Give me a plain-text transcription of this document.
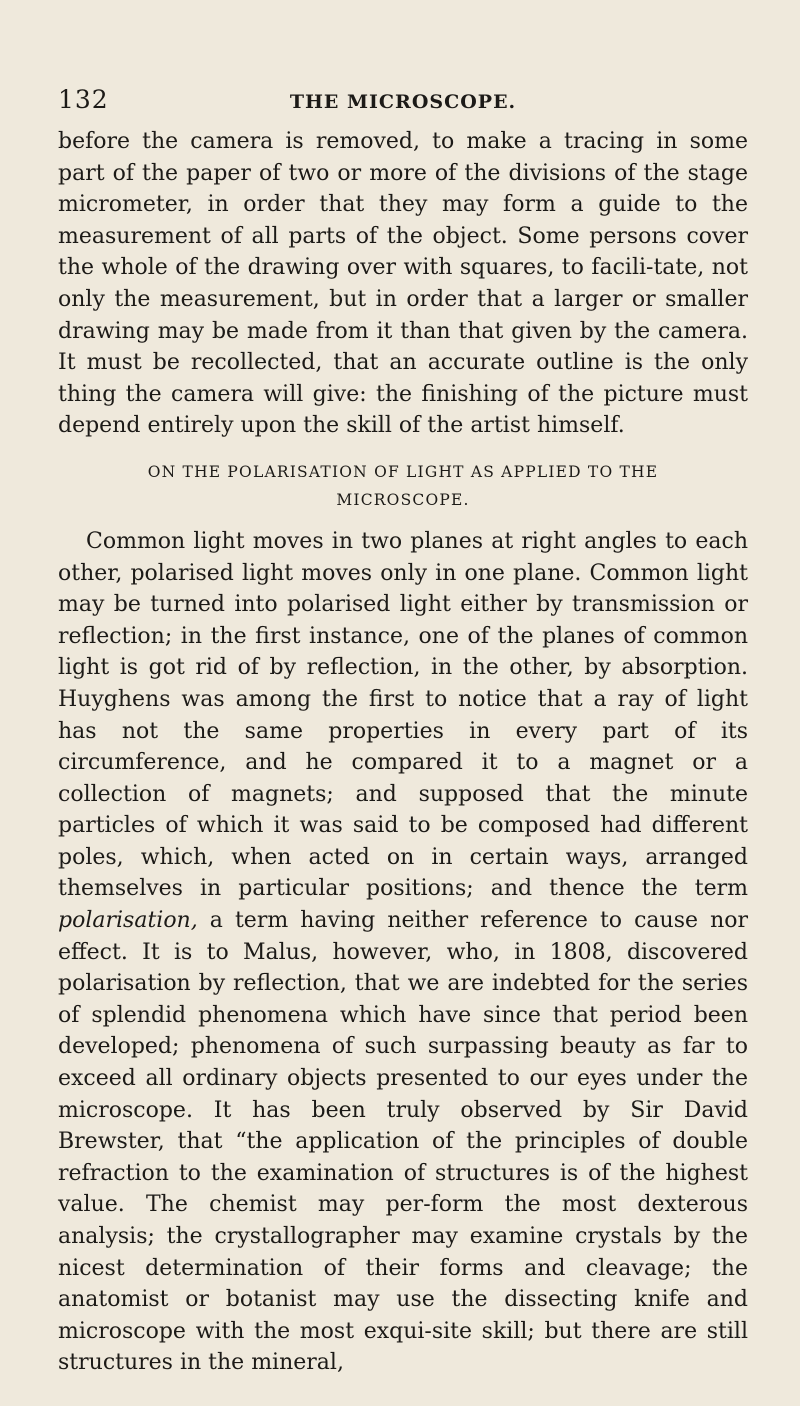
132	THE MICROSCOPE.

before the camera is removed, to make a tracing in some part of the paper of two or more of the divisions of the stage micrometer, in order that they may form a guide to the measurement of all parts of the object. Some persons cover the whole of the drawing over with squares, to facili-tate, not only the measurement, but in order that a larger or smaller drawing may be made from it than that given by the camera. It must be recollected, that an accurate outline is the only thing the camera will give: the finishing of the picture must depend entirely upon the skill of the artist himself.

ON THE POLARISATION OF LIGHT AS APPLIED TO THE
MICROSCOPE.

Common light moves in two planes at right angles to each other, polarised light moves only in one plane. Common light may be turned into polarised light either by transmission or reflection; in the first instance, one of the planes of common light is got rid of by reflection, in the other, by absorption. Huyghens was among the first to notice that a ray of light has not the same properties in every part of its circumference, and he compared it to a magnet or a collection of magnets; and supposed that the minute particles of which it was said to be composed had different poles, which, when acted on in certain ways, arranged themselves in particular positions; and thence the term polarisation, a term having neither reference to cause nor effect. It is to Malus, however, who, in 1808, discovered polarisation by reflection, that we are indebted for the series of splendid phenomena which have since that period been developed; phenomena of such surpassing beauty as far to exceed all ordinary objects presented to our eyes under the microscope. It has been truly observed by Sir David Brewster, that “the application of the principles of double refraction to the examination of structures is of the highest value. The chemist may per-form the most dexterous analysis; the crystallographer may examine crystals by the nicest determination of their forms and cleavage; the anatomist or botanist may use the dissecting knife and microscope with the most exqui-site skill; but there are still structures in the mineral,
